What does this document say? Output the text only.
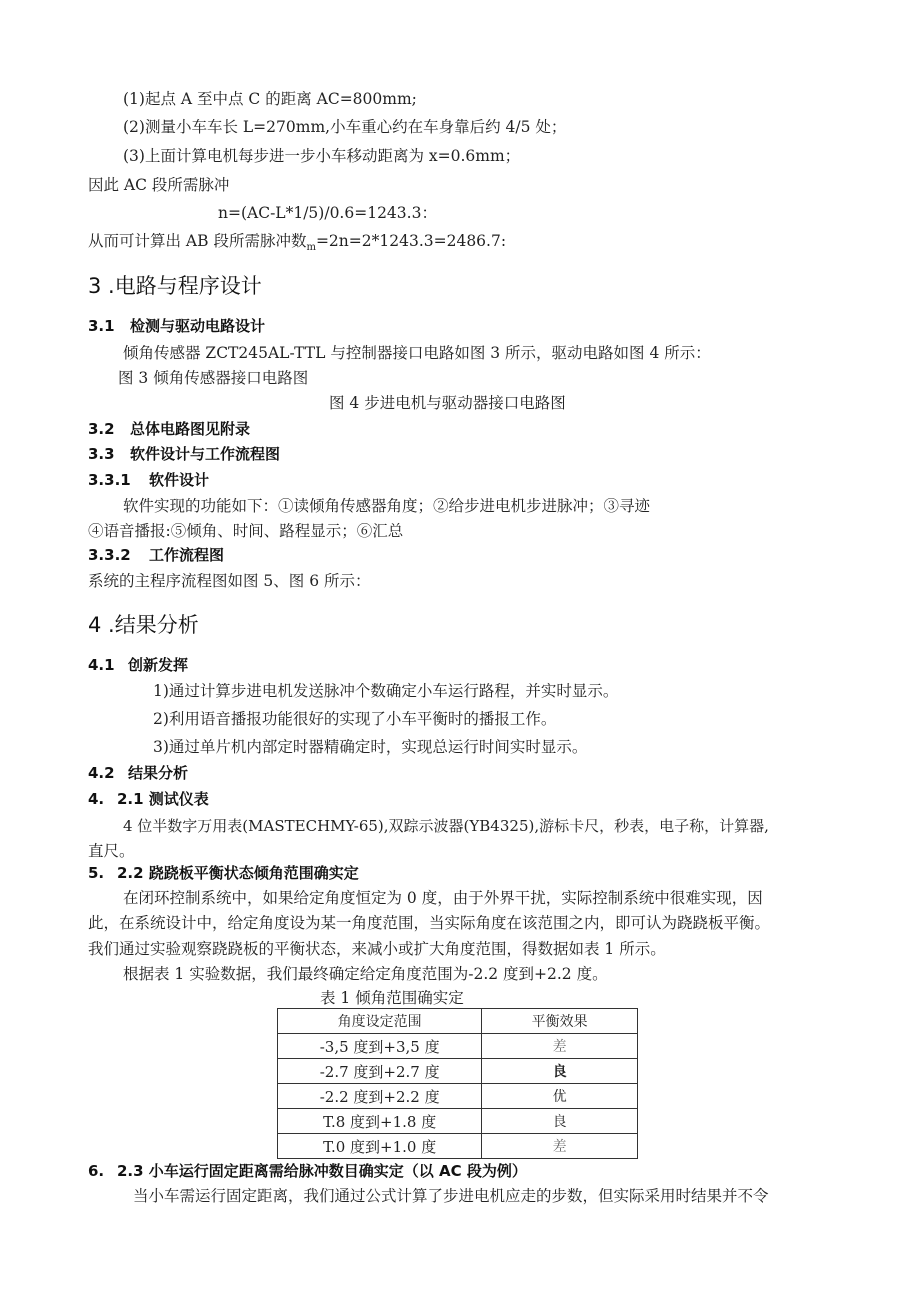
(1)起点 A 至中点 C 的距离 AC=800mm;
(2)测量小车车长 L=270mm,小车重心约在车身靠后约 4/5 处；
(3)上面计算电机每步进一步小车移动距离为 x=0.6mm；
因此 AC 段所需脉冲
n=(AC-L*1/5)/0.6=1243.3：
从而可计算出 AB 段所需脉冲数$_m$=2n=2*1243.3=2486.7:
3 .电路与程序设计
3.1 检测与驱动电路设计
倾角传感器 ZCT245AL-TTL 与控制器接口电路如图 3 所示，驱动电路如图 4 所示：
图 3 倾角传感器接口电路图
图 4 步进电机与驱动器接口电路图
3.2 总体电路图见附录
3.3 软件设计与工作流程图
3.3.1 软件设计
软件实现的功能如下：①读倾角传感器角度；②给步进电机步进脉冲；③寻迹
④语音播报:⑤倾角、时间、路程显示；⑥汇总
3.3.2 工作流程图
系统的主程序流程图如图 5、图 6 所示：
4 .结果分析
4.1 创新发挥
1)通过计算步进电机发送脉冲个数确定小车运行路程，并实时显示。
2)利用语音播报功能很好的实现了小车平衡时的播报工作。
3)通过单片机内部定时器精确定时，实现总运行时间实时显示。
4.2 结果分析
4. 2.1 测试仪表
4 位半数字万用表(MASTECHMY-65),双踪示波器(YB4325),游标卡尺，秒表，电子称，计算器,
直尺。
5. 2.2 跷跷板平衡状态倾角范围确实定
在闭环控制系统中，如果给定角度恒定为 0 度，由于外界干扰，实际控制系统中很难实现，因
此，在系统设计中，给定角度设为某一角度范围，当实际角度在该范围之内，即可认为跷跷板平衡。
我们通过实验观察跷跷板的平衡状态，来减小或扩大角度范围，得数据如表 1 所示。
根据表 1 实验数据，我们最终确定给定角度范围为-2.2 度到+2.2 度。
表 1 倾角范围确实定
角度设定范围	平衡效果
-3,5 度到+3,5 度	差
-2.7 度到+2.7 度	良
-2.2 度到+2.2 度	优
T.8 度到+1.8 度	良
T.0 度到+1.0 度	差
6. 2.3 小车运行固定距离需给脉冲数目确实定（以 AC 段为例）
当小车需运行固定距离，我们通过公式计算了步进电机应走的步数，但实际采用时结果并不令
